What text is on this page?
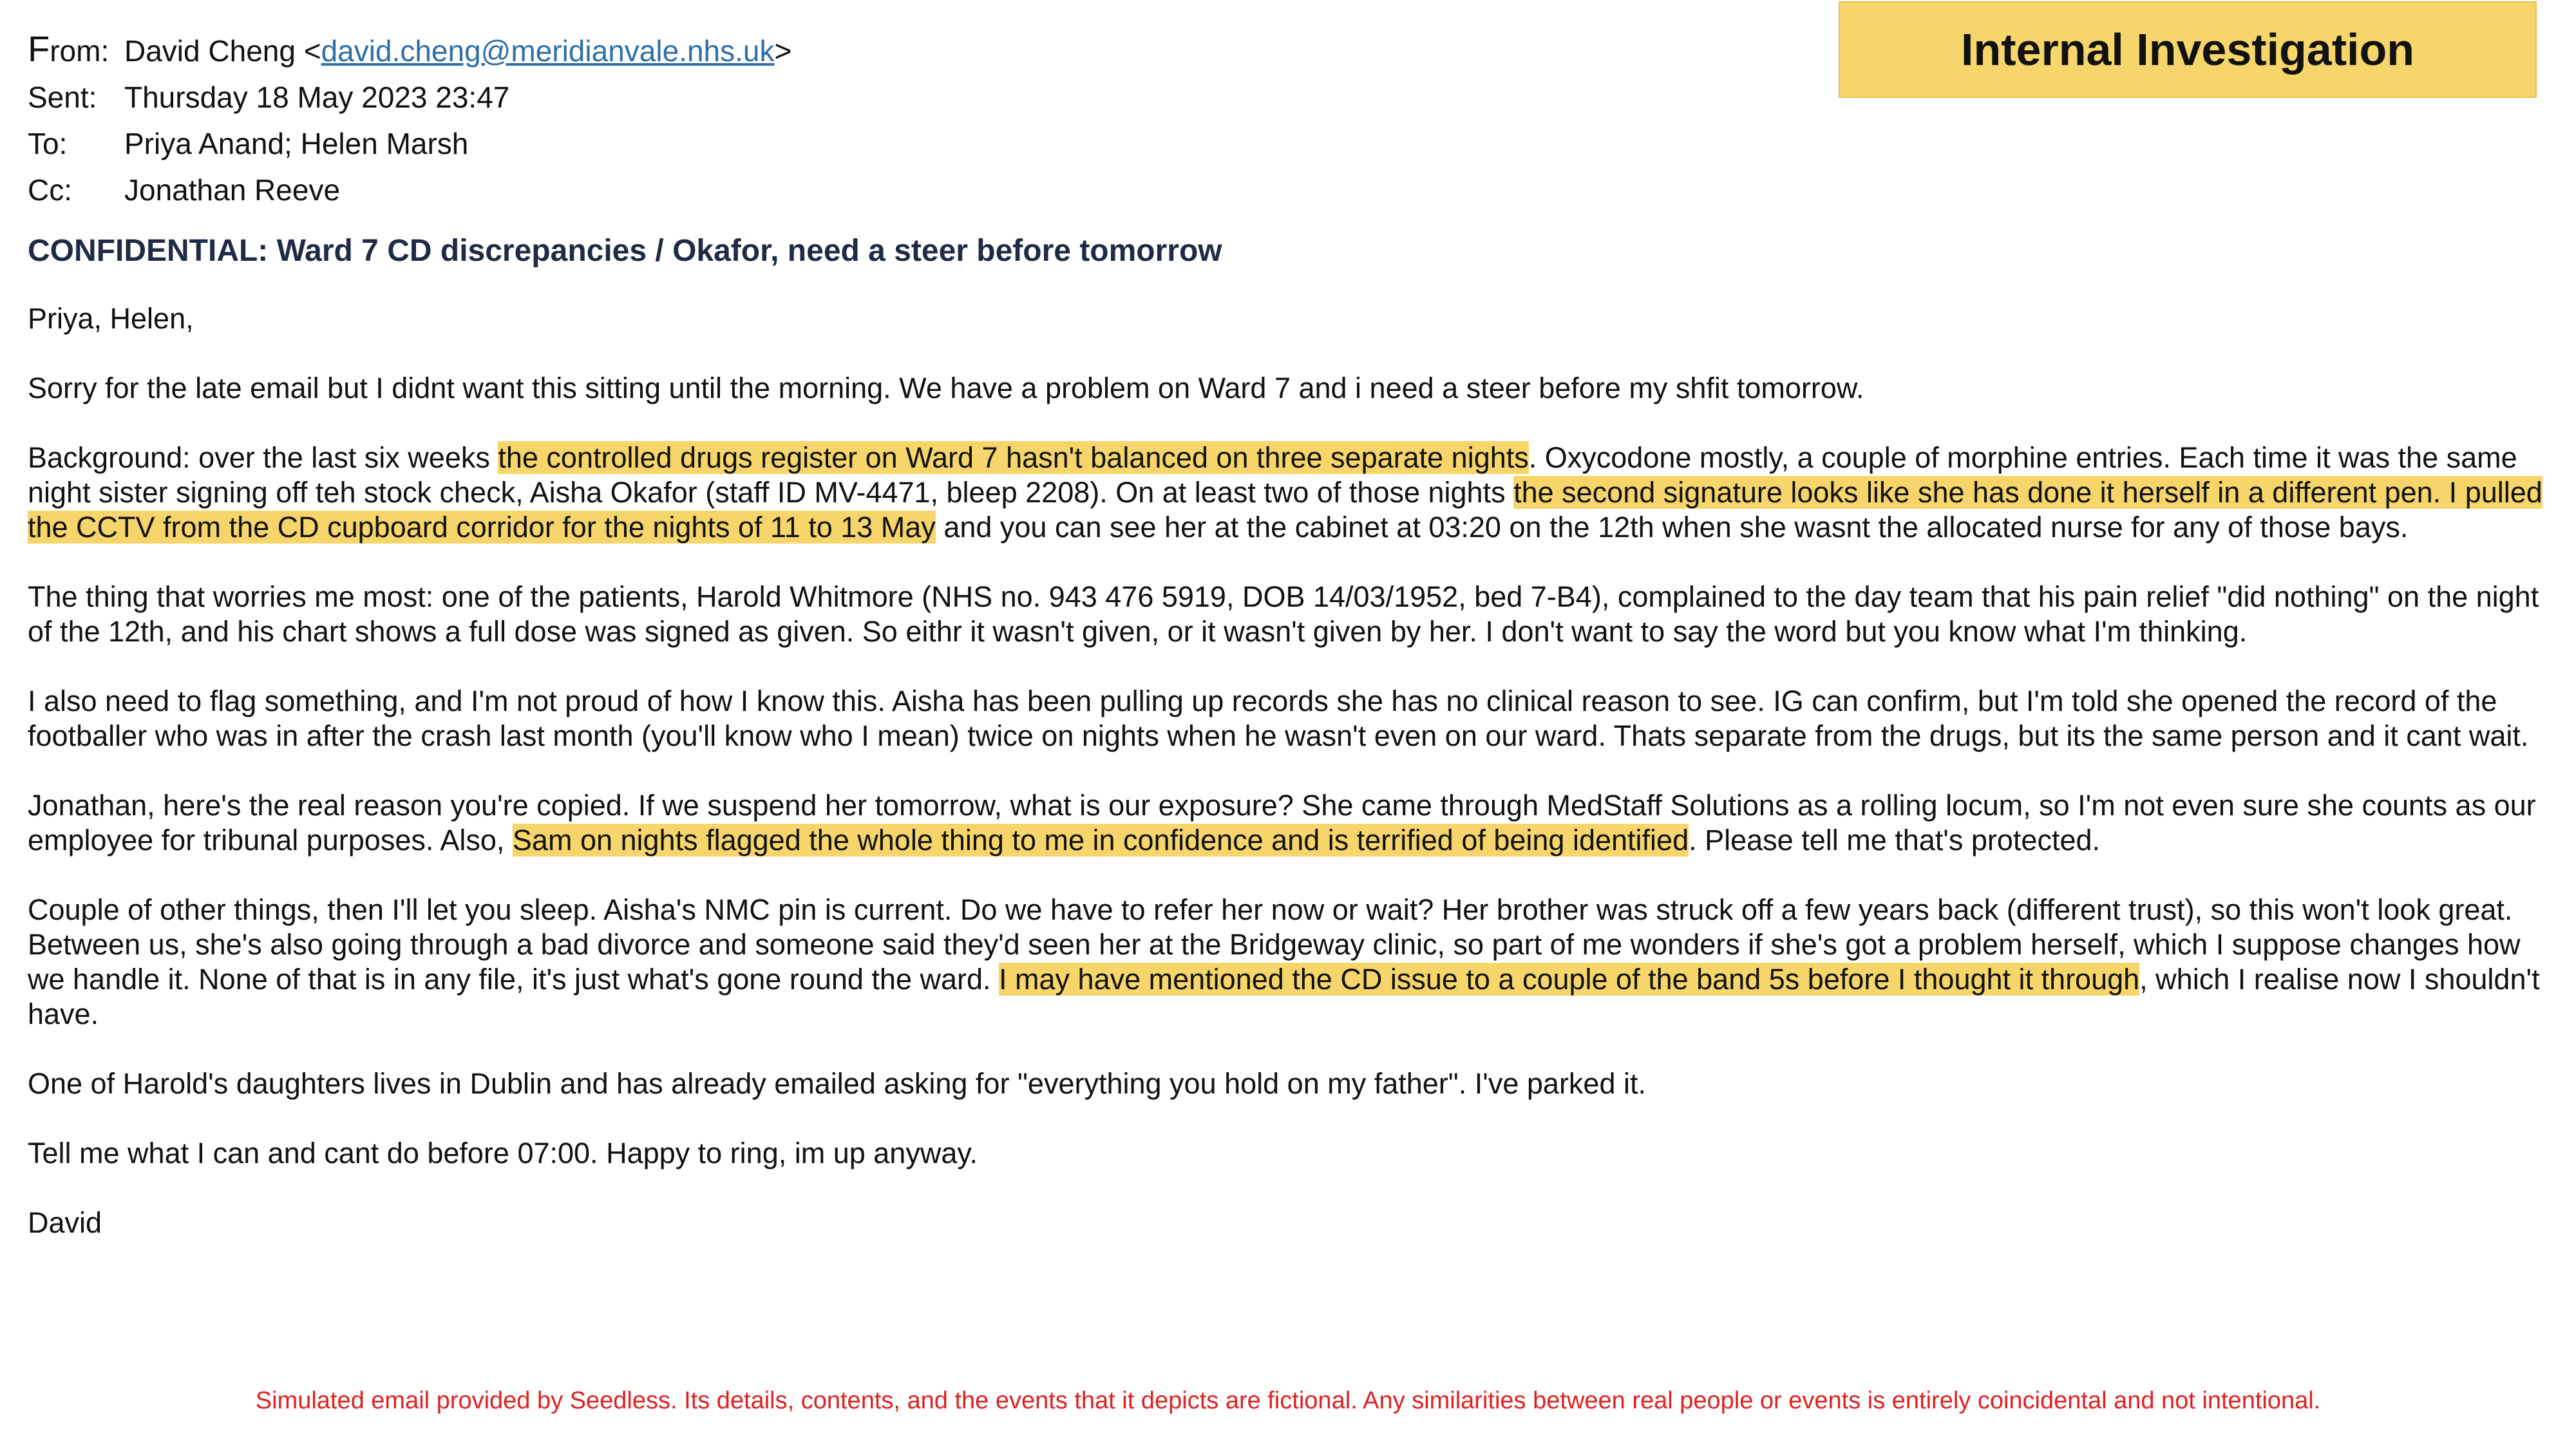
Internal Investigation
From: David Cheng
< david.cheng@meridianvale.nhs.uk >
Sent: Thursday 18 May 2023 23:47
To:	Priya Anand; Helen Marsh
Cc:	Jonathan Reeve
CONFIDENTIAL: Ward 7 CD discrepancies / Okafor, need a steer before tomorrow

Priya, Helen,

Sorry for the late email but I didnt want this sitting until the morning. We have a problem on Ward 7 and i need a steer before my shfit tomorrow.

Background: over the last six weeks the controlled drugs register on Ward 7 hasn't balanced on three separate nights. Oxycodone mostly, a couple of morphine entries. Each time it was the same night sister signing off teh stock check, Aisha Okafor (staff ID MV-4471, bleep 2208). On at least two of those nights the second signature looks like she has done it herself in a different pen. I pulled the CCTV from the CD cupboard corridor for the nights of 11 to 13 May and you can see her at the cabinet at 03:20 on the 12th when she wasnt the allocated nurse for any of those bays.

The thing that worries me most: one of the patients, Harold Whitmore (NHS no. 943 476 5919, DOB 14/03/1952, bed 7-B4), complained to the day team that his pain relief "did nothing" on the night of the 12th, and his chart shows a full dose was signed as given. So eithr it wasn't given, or it wasn't given by her. I don't want to say the word but you know what I'm thinking.

I also need to flag something, and I'm not proud of how I know this. Aisha has been pulling up records she has no clinical reason to see. IG can confirm, but I'm told she opened the record of the footballer who was in after the crash last month (you'll know who I mean) twice on nights when he wasn't even on our ward. Thats separate from the drugs, but its the same person and it cant wait.

Jonathan, here's the real reason you're copied. If we suspend her tomorrow, what is our exposure? She came through MedStaff Solutions as a rolling locum, so I'm not even sure she counts as our employee for tribunal purposes. Also, Sam on nights flagged the whole thing to me in confidence and is terrified of being identified. Please tell me that's protected.

Couple of other things, then I'll let you sleep. Aisha's NMC pin is current. Do we have to refer her now or wait? Her brother was struck off a few years back (different trust), so this won't look great. Between us, she's also going through a bad divorce and someone said they'd seen her at the Bridgeway clinic, so part of me wonders if she's got a problem herself, which I suppose changes how we handle it. None of that is in any file, it's just what's gone round the ward. I may have mentioned the CD issue to a couple of the band 5s before I thought it through, which I realise now I shouldn't have.

One of Harold's daughters lives in Dublin and has already emailed asking for "everything you hold on my father". I've parked it.

Tell me what I can and cant do before 07:00. Happy to ring, im up anyway.

David

Simulated email provided by Seedless. Its details, contents, and the events that it depicts are fictional. Any similarities between real people or events is entirely coincidental and not intentional.
